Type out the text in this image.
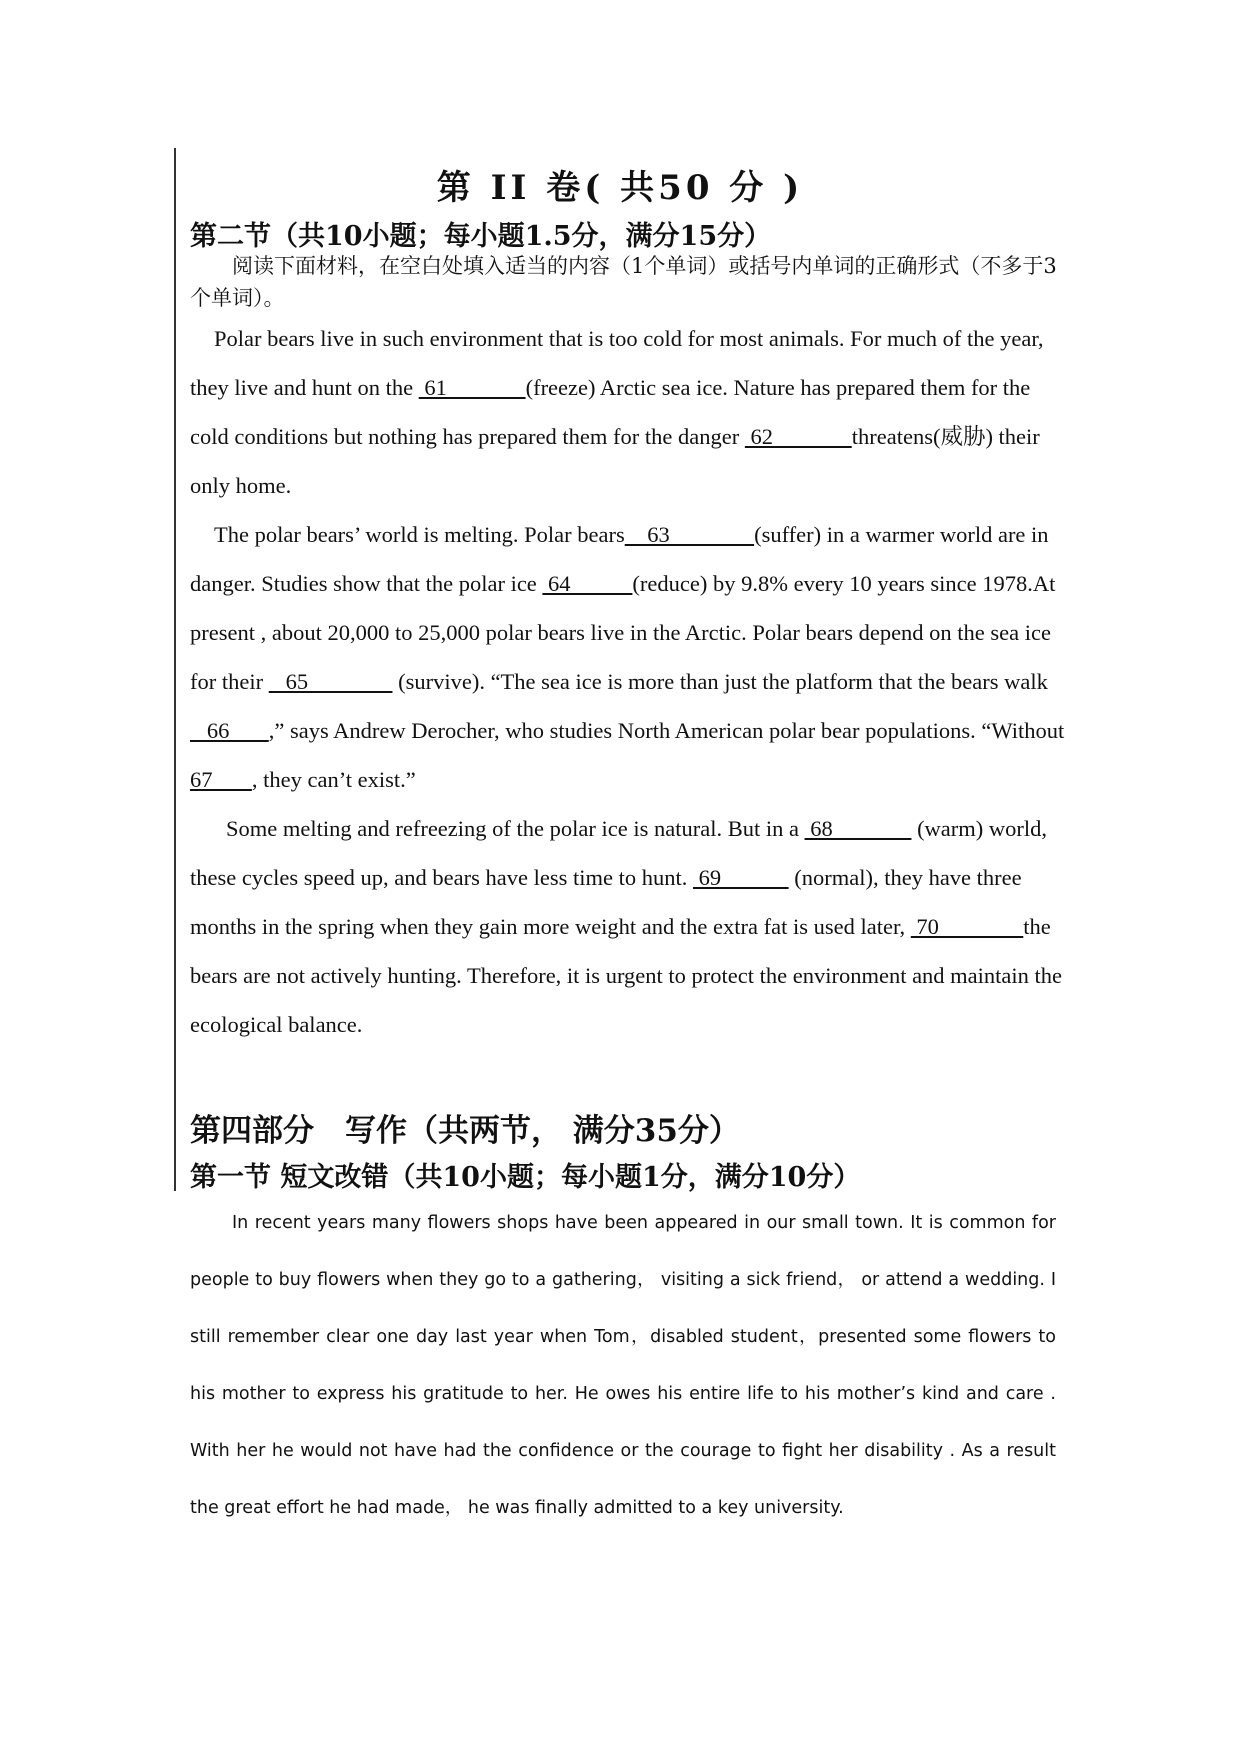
第 II 卷( 共50 分 )
第二节（共10小题；每小题1.5分，满分15分）
阅读下面材料，在空白处填入适当的内容（1个单词）或括号内单词的正确形式（不多于3个单词）。

Polar bears live in such environment that is too cold for most animals. For much of the year, they live and hunt on the  61              (freeze) Arctic sea ice. Nature has prepared them for the cold conditions but nothing has prepared them for the danger  62              threatens(威胁) their only home.

The polar bears’ world is melting. Polar bears    63               (suffer) in a warmer world are in danger. Studies show that the polar ice  64           (reduce) by 9.8% every 10 years since 1978.At present , about 20,000 to 25,000 polar bears live in the Arctic. Polar bears depend on the sea ice for their    65                (survive). “The sea ice is more than just the platform that the bears walk   66       ,” says Andrew Derocher, who studies North American polar bear populations. “Without 67       , they can’t exist.”

Some melting and refreezing of the polar ice is natural. But in a  68               (warm) world, these cycles speed up, and bears have less time to hunt.  69             (normal), they have three months in the spring when they gain more weight and the extra fat is used later,  70               the bears are not actively hunting. Therefore, it is urgent to protect the environment and maintain the ecological balance.

第四部分　写作（共两节， 满分35分）
第一节 短文改错（共10小题；每小题1分，满分10分）
In recent years many flowers shops have been appeared in our small town. It is common for people to buy flowers when they go to a gathering， visiting a sick friend， or attend a wedding. I still remember clear one day last year when Tom，disabled student，presented some flowers to his mother to express his gratitude to her. He owes his entire life to his mother’s kind and care . With her he would not have had the confidence or the courage to fight her disability . As a result the great effort he had made， he was finally admitted to a key university.
